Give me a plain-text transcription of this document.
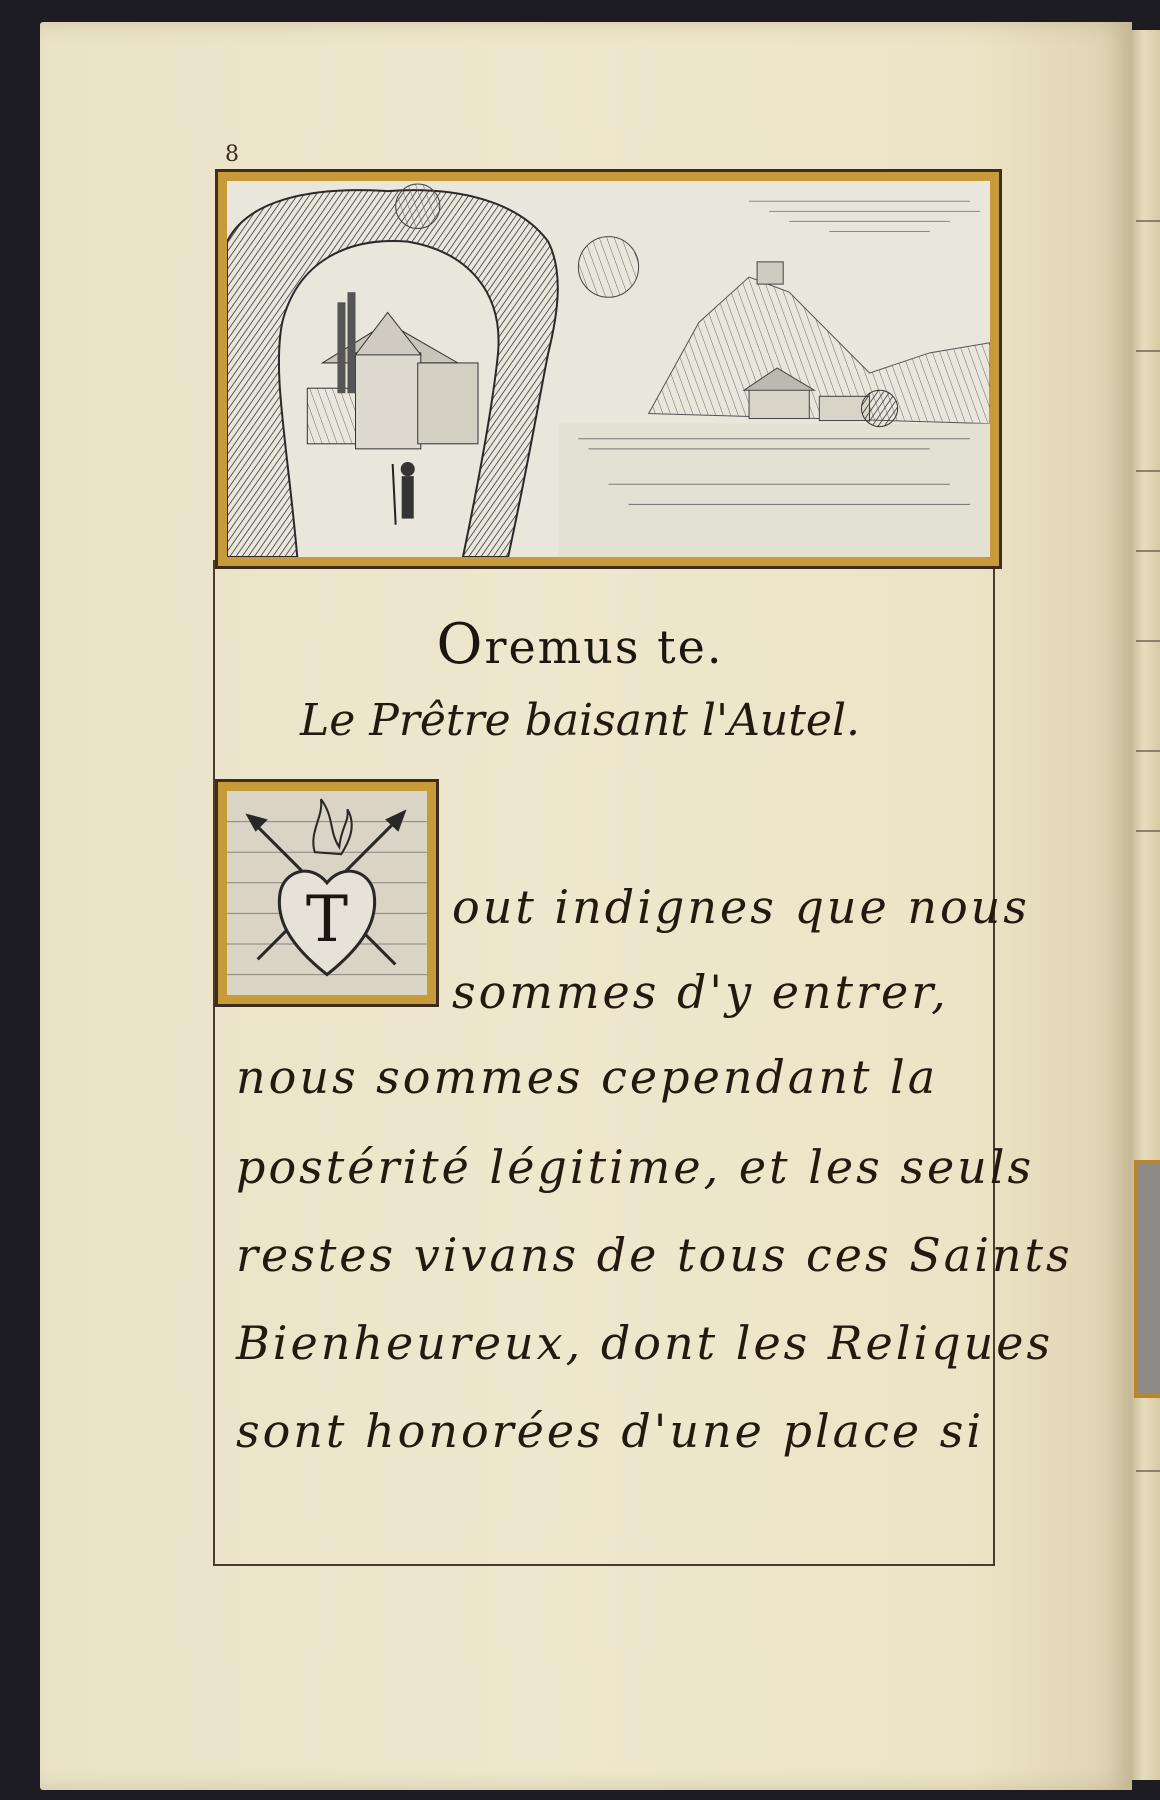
8
Oremus te.
Le Prêtre baisant l'Autel.
T out indignes que nous
sommes d'y entrer,
nous sommes cependant la
postérité légitime, et les seuls
restes vivans de tous ces Saints
Bienheureux, dont les Reliques
sont honorées d'une place si
